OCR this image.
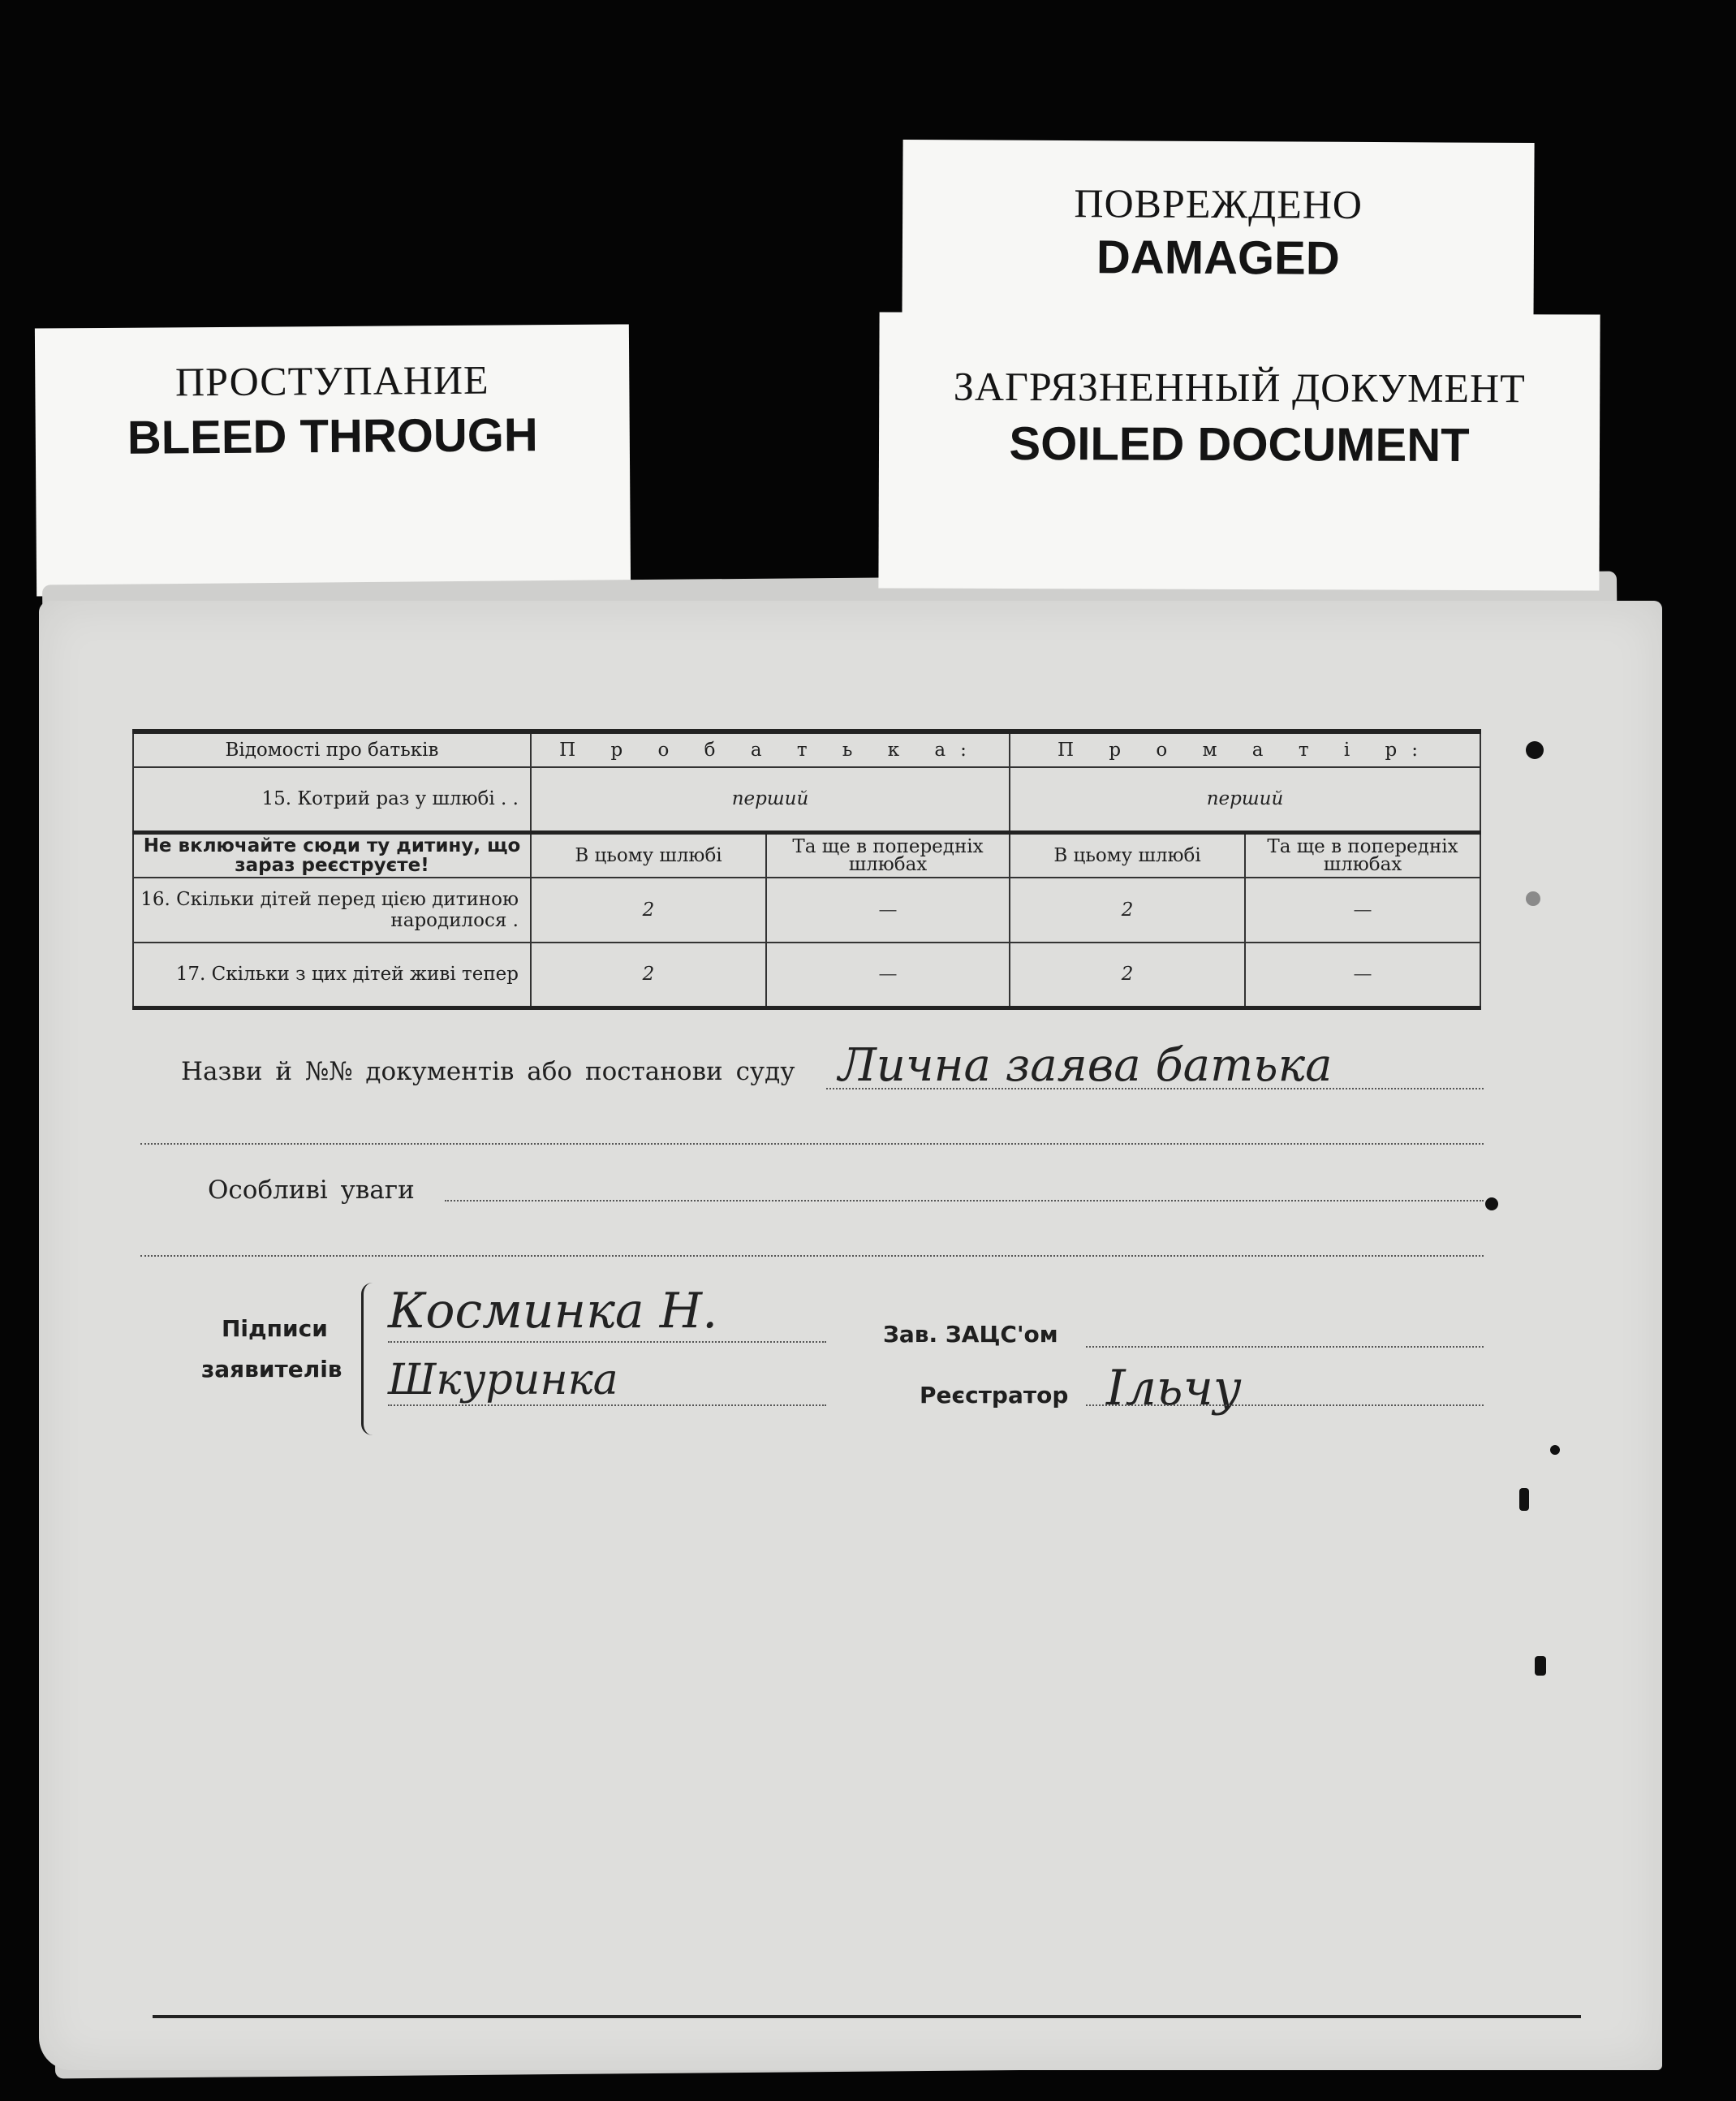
ПОВРЕЖДЕНО
DAMAGED
ПРОСТУПАНИЕ
BLEED THROUGH
ЗАГРЯЗНЕННЫЙ ДОКУМЕНТ
SOILED DOCUMENT
Відомості про батьків	П р о б а т ь к а:		П р о м а т і р:	
15. Котрий раз у шлюбі . .	перший		перший	
Не включайте сюди ту дитину, що зараз реєструєте!	В цьому шлюбі	Та ще в попередніх шлюбах	В цьому шлюбі	Та ще в попередніх шлюбах
16. Скільки дітей перед цією дитиною народилося .	2	—	2	—
17. Скільки з цих дітей живі тепер	2	—	2	—
Назви й №№ документів або постанови суду Лична заява батька
Особливі уваги
Підписи
заявителів
Косминка Н.
Шкуринка
Зав. ЗАЦС'ом
Реєстратор Ільчу
